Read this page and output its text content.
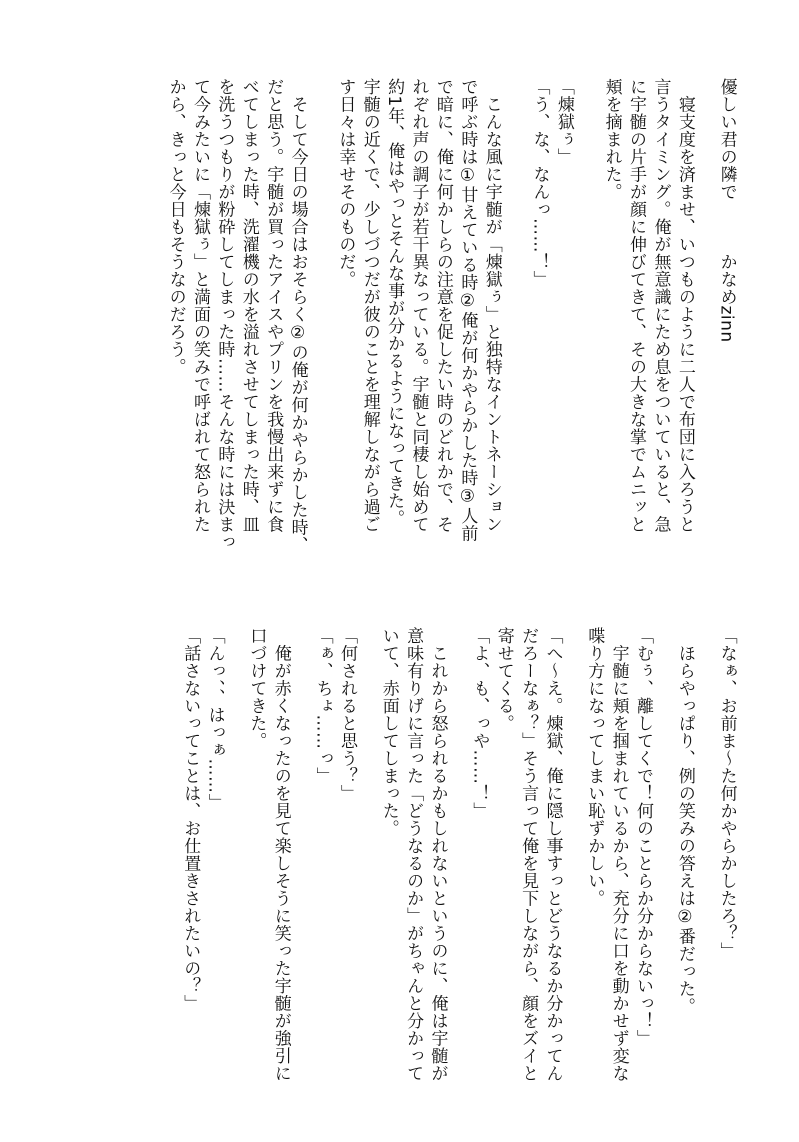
優しい君の隣で　　　かなめzinn
　寝支度を済ませ、いつものように二人で布団に入ろうと
言うタイミング。俺が無意識にため息をついていると、急
に宇髄の片手が顔に伸びてきて、その大きな掌でムニッと
頬を摘まれた。
「煉獄ぅ」
「う、な、なんっ……！」
　こんな風に宇髄が「煉獄ぅ」と独特なイントネーション
で呼ぶ時は①甘えている時②俺が何かやらかした時③人前
で暗に、俺に何かしらの注意を促したい時のどれかで、そ
れぞれ声の調子が若干異なっている。宇髄と同棲し始めて
約1年、俺はやっとそんな事が分かるようになってきた。
宇髄の近くで、少しづつだが彼のことを理解しながら過ご
す日々は幸せそのものだ。
　そして今日の場合はおそらく②の俺が何かやらかした時、
だと思う。宇髄が買ったアイスやプリンを我慢出来ずに食
べてしまった時、洗濯機の水を溢れさせてしまった時、皿
を洗うつもりが粉砕してしまった時……そんな時には決まっ
て今みたいに「煉獄ぅ」と満面の笑みで呼ばれて怒られた
から、きっと今日もそうなのだろう。
「なぁ、お前ま〜た何かやらかしたろ？」
　ほらやっぱり、例の笑みの答えは②番だった。
「むぅ、離してくで！何のことらか分からないっ！」
　宇髄に頬を掴まれているから、充分に口を動かせず変な
喋り方になってしまい恥ずかしい。
「へ〜え。煉獄、俺に隠し事すっとどうなるか分かってん
だろーなぁ？」そう言って俺を見下しながら、顔をズイと
寄せてくる。
「よ、も、っや……！」
　これから怒られるかもしれないというのに、俺は宇髄が
意味有りげに言った「どうなるのか」がちゃんと分かって
いて、赤面してしまった。
「何されると思う？」
「ぁ、ちょ……っ」
　俺が赤くなったのを見て楽しそうに笑った宇髄が強引に
口づけてきた。
「んっ、、はっぁ……」
「話さないってことは、お仕置きされたいの？」
